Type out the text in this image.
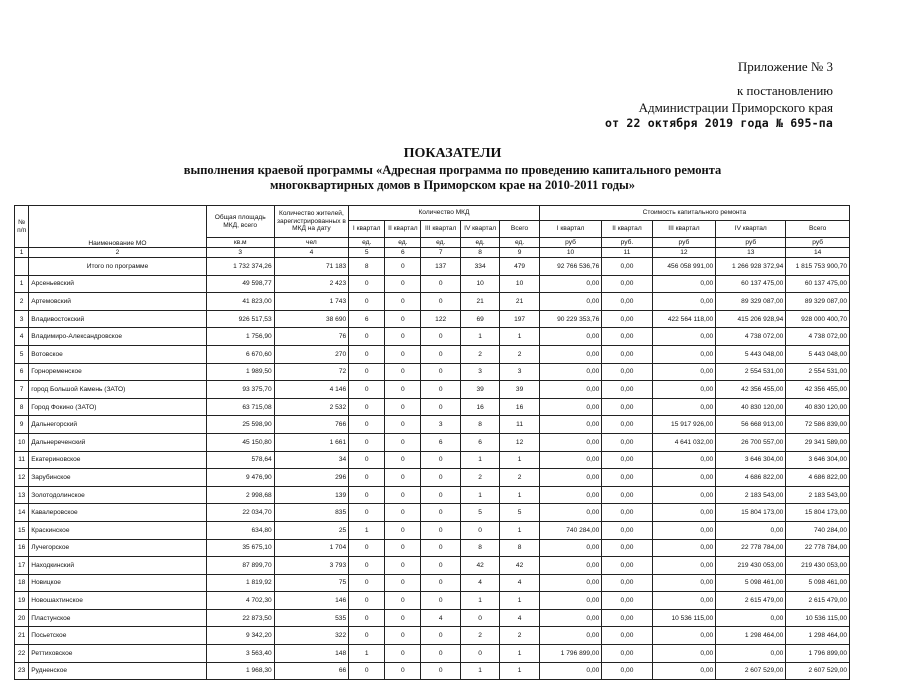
Приложение № 3
к постановлению
Администрации Приморского края
от 22 октября 2019 года № 695-па
ПОКАЗАТЕЛИ
выполнения краевой программы «Адресная программа по проведению капитального ремонта
многоквартирных домов в Приморском крае на 2010-2011 годы»
№ п/п	Наименование МО	Общая площадь МКД, всего	Количество жителей, зарегистрированных в МКД на дату	Количество МКД					Стоимость капитального ремонта				
				I квартал	II квартал	III квартал	IV квартал	Всего	I квартал	II квартал	III квартал	IV квартал	Всего
		кв.м	чел	ед.	ед.	ед.	ед.	ед.	руб	руб.	руб	руб	руб
1	2	3	4	5	6	7	8	9	10	11	12	13	14
	Итого по программе	1 732 374,26	71 183	8	0	137	334	479	92 766 536,76	0,00	456 058 991,00	1 266 928 372,94	1 815 753 900,70
1	Арсеньевский	49 598,77	2 423	0	0	0	10	10	0,00	0,00	0,00	60 137 475,00	60 137 475,00
2	Артемовский	41 823,00	1 743	0	0	0	21	21	0,00	0,00	0,00	89 329 087,00	89 329 087,00
3	Владивостокский	926 517,53	38 690	6	0	122	69	197	90 229 353,76	0,00	422 564 118,00	415 206 928,94	928 000 400,70
4	Владимиро-Александровское	1 756,90	76	0	0	0	1	1	0,00	0,00	0,00	4 738 072,00	4 738 072,00
5	Вотовское	6 670,60	270	0	0	0	2	2	0,00	0,00	0,00	5 443 048,00	5 443 048,00
6	Горноременское	1 989,50	72	0	0	0	3	3	0,00	0,00	0,00	2 554 531,00	2 554 531,00
7	город Большой Камень (ЗАТО)	93 375,70	4 146	0	0	0	39	39	0,00	0,00	0,00	42 356 455,00	42 356 455,00
8	Город Фокино (ЗАТО)	63 715,08	2 532	0	0	0	16	16	0,00	0,00	0,00	40 830 120,00	40 830 120,00
9	Дальнегорский	25 598,90	766	0	0	3	8	11	0,00	0,00	15 917 926,00	56 668 913,00	72 586 839,00
10	Дальнереченский	45 150,80	1 661	0	0	6	6	12	0,00	0,00	4 641 032,00	26 700 557,00	29 341 589,00
11	Екатериновское	578,64	34	0	0	0	1	1	0,00	0,00	0,00	3 646 304,00	3 646 304,00
12	Зарубинское	9 476,90	296	0	0	0	2	2	0,00	0,00	0,00	4 686 822,00	4 686 822,00
13	Золотодолинское	2 998,68	139	0	0	0	1	1	0,00	0,00	0,00	2 183 543,00	2 183 543,00
14	Кавалеровское	22 034,70	835	0	0	0	5	5	0,00	0,00	0,00	15 804 173,00	15 804 173,00
15	Краскинское	634,80	25	1	0	0	0	1	740 284,00	0,00	0,00	0,00	740 284,00
16	Лучегорское	35 675,10	1 704	0	0	0	8	8	0,00	0,00	0,00	22 778 784,00	22 778 784,00
17	Находкинский	87 899,70	3 793	0	0	0	42	42	0,00	0,00	0,00	219 430 053,00	219 430 053,00
18	Новицкое	1 819,92	75	0	0	0	4	4	0,00	0,00	0,00	5 098 461,00	5 098 461,00
19	Новошахтинское	4 702,30	146	0	0	0	1	1	0,00	0,00	0,00	2 615 479,00	2 615 479,00
20	Пластунское	22 873,50	535	0	0	4	0	4	0,00	0,00	10 536 115,00	0,00	10 536 115,00
21	Посьетское	9 342,20	322	0	0	0	2	2	0,00	0,00	0,00	1 298 464,00	1 298 464,00
22	Реттиховское	3 563,40	148	1	0	0	0	1	1 796 899,00	0,00	0,00	0,00	1 796 899,00
23	Рудненское	1 968,30	66	0	0	0	1	1	0,00	0,00	0,00	2 607 529,00	2 607 529,00
